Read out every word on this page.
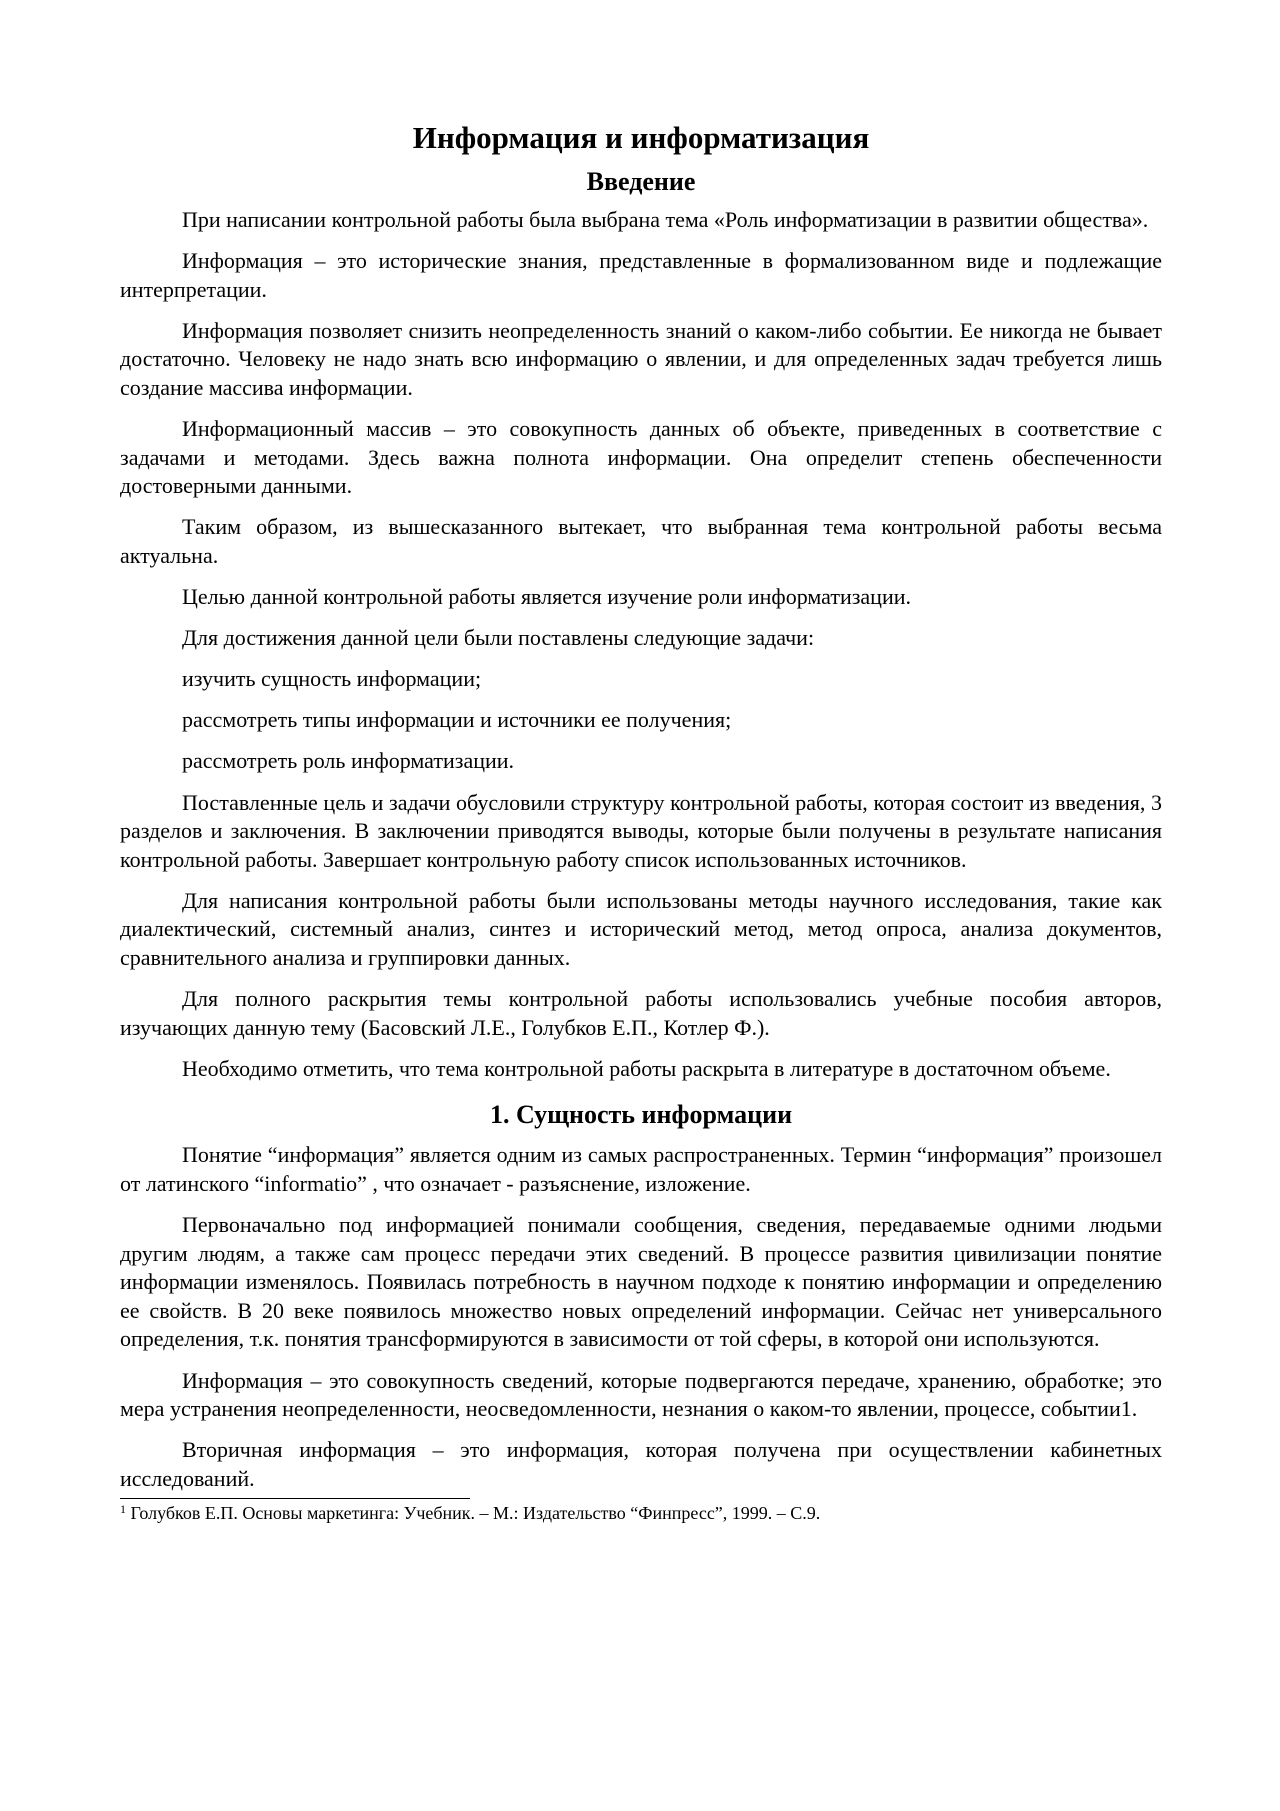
Информация и информатизация
Введение

При написании контрольной работы была выбрана тема «Роль информатизации в развитии общества».

Информация – это исторические знания, представленные в формализованном виде и подлежащие интерпретации.

Информация позволяет снизить неопределенность знаний о каком-либо событии. Ее никогда не бывает достаточно. Человеку не надо знать всю информацию о явлении, и для определенных задач требуется лишь создание массива информации.

Информационный массив – это совокупность данных об объекте, приведенных в соответствие с задачами и методами. Здесь важна полнота информации. Она определит степень обеспеченности достоверными данными.

Таким образом, из вышесказанного вытекает, что выбранная тема контрольной работы весьма актуальна.

Целью данной контрольной работы является изучение роли информатизации.

Для достижения данной цели были поставлены следующие задачи:

изучить сущность информации;

рассмотреть типы информации и источники ее получения;

рассмотреть роль информатизации.

Поставленные цель и задачи обусловили структуру контрольной работы, которая состоит из введения, 3 разделов и заключения. В заключении приводятся выводы, которые были получены в результате написания контрольной работы. Завершает контрольную работу список использованных источников.

Для написания контрольной работы были использованы методы научного исследования, такие как диалектический, системный анализ, синтез и исторический метод, метод опроса, анализа документов, сравнительного анализа и группировки данных.

Для полного раскрытия темы контрольной работы использовались учебные пособия авторов, изучающих данную тему (Басовский Л.Е., Голубков Е.П., Котлер Ф.).

Необходимо отметить, что тема контрольной работы раскрыта в литературе в достаточном объеме.

1. Сущность информации

Понятие “информация” является одним из самых распространенных. Термин “информация” произошел от латинского “informatio” , что означает - разъяснение, изложение.

Первоначально под информацией понимали сообщения, сведения, передаваемые одними людьми другим людям, а также сам процесс передачи этих сведений. В процессе развития цивилизации понятие информации изменялось. Появилась потребность в научном подходе к понятию информации и определению ее свойств. В 20 веке появилось множество новых определений информации. Сейчас нет универсального определения, т.к. понятия трансформируются в зависимости от той сферы, в которой они используются.

Информация – это совокупность сведений, которые подвергаются передаче, хранению, обработке; это мера устранения неопределенности, неосведомленности, незнания о каком-то явлении, процессе, событии1.

Вторичная информация – это информация, которая получена при осуществлении кабинетных исследований.

$^1$ Голубков Е.П. Основы маркетинга: Учебник. – М.: Издательство “Финпресс”, 1999. – С.9.
